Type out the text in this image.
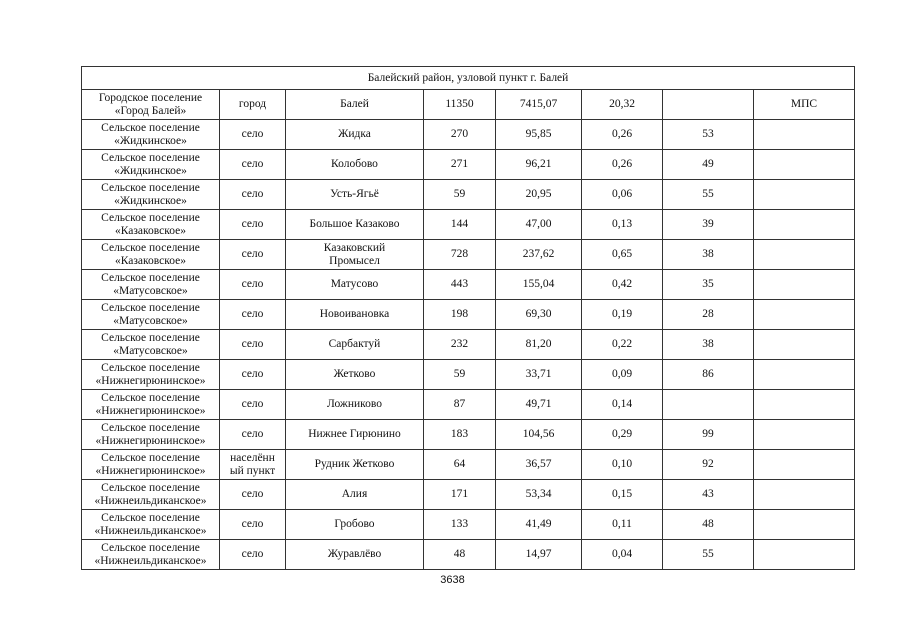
Балейский район, узловой пункт г. Балей							

Городское поселение
«Город Балей»	город	Балей	11350	7415,07	20,32		МПС

Сельское поселение
«Жидкинское»	село	Жидка	270	95,85	0,26	53	

Сельское поселение
«Жидкинское»	село	Колобово	271	96,21	0,26	49	

Сельское поселение
«Жидкинское»	село	Усть-Ягьё	59	20,95	0,06	55	

Сельское поселение
«Казаковское»	село	Большое Казаково	144	47,00	0,13	39	

Сельское поселение
«Казаковское»	село	Казаковский
Промысел	728	237,62	0,65	38	

Сельское поселение
«Матусовское»	село	Матусово	443	155,04	0,42	35	

Сельское поселение
«Матусовское»	село	Новоивановка	198	69,30	0,19	28	

Сельское поселение
«Матусовское»	село	Сарбактуй	232	81,20	0,22	38	

Сельское поселение
«Нижнегирюнинское»	село	Жетково	59	33,71	0,09	86	

Сельское поселение
«Нижнегирюнинское»	село	Ложниково	87	49,71	0,14		

Сельское поселение
«Нижнегирюнинское»	село	Нижнее Гирюнино	183	104,56	0,29	99	

Сельское поселение
«Нижнегирюнинское»	населённ
ый пункт	Рудник Жетково	64	36,57	0,10	92	

Сельское поселение
«Нижнеильдиканское»	село	Алия	171	53,34	0,15	43	

Сельское поселение
«Нижнеильдиканское»	село	Гробово	133	41,49	0,11	48	

Сельское поселение
«Нижнеильдиканское»	село	Журавлёво	48	14,97	0,04	55	
3638
